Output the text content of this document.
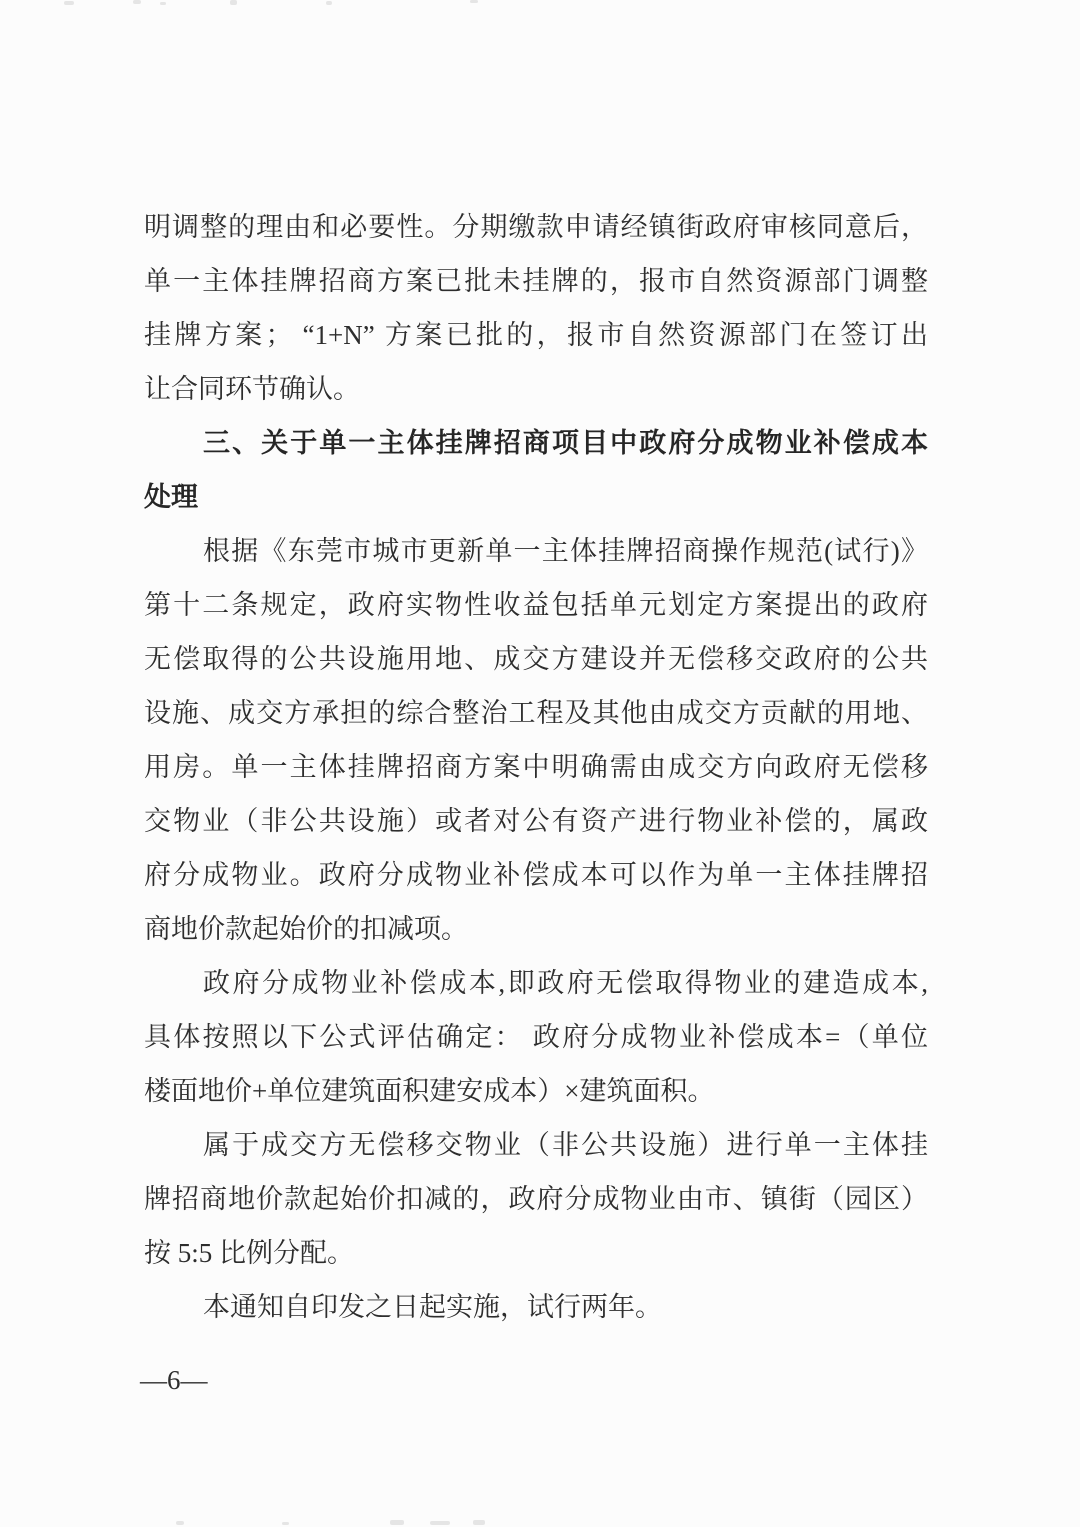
明调整的理由和必要性。分期缴款申请经镇街政府审核同意后，
单一主体挂牌招商方案已批未挂牌的，报市自然资源部门调整
挂牌方案； “1+N” 方案已批的，报市自然资源部门在签订出
让合同环节确认。
三、关于单一主体挂牌招商项目中政府分成物业补偿成本
处理
根据《东莞市城市更新单一主体挂牌招商操作规范(试行)》
第十二条规定，政府实物性收益包括单元划定方案提出的政府
无偿取得的公共设施用地、成交方建设并无偿移交政府的公共
设施、成交方承担的综合整治工程及其他由成交方贡献的用地、
用房。单一主体挂牌招商方案中明确需由成交方向政府无偿移
交物业（非公共设施）或者对公有资产进行物业补偿的，属政
府分成物业。政府分成物业补偿成本可以作为单一主体挂牌招
商地价款起始价的扣减项。
政府分成物业补偿成本,即政府无偿取得物业的建造成本,
具体按照以下公式评估确定： 政府分成物业补偿成本=（单位
楼面地价+单位建筑面积建安成本）×建筑面积。
属于成交方无偿移交物业（非公共设施）进行单一主体挂
牌招商地价款起始价扣减的，政府分成物业由市、镇街（园区）
按 5:5 比例分配。
本通知自印发之日起实施，试行两年。
—6—
